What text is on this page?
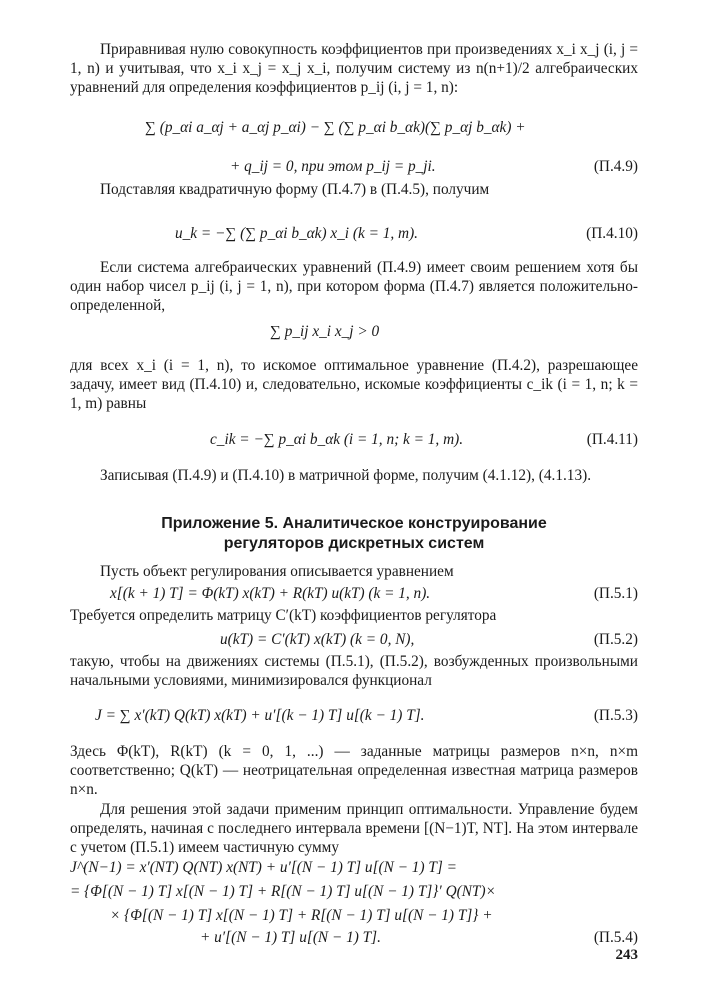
Приравнивая нулю совокупность коэффициентов при произведениях x_i x_j (i, j = 1, n) и учитывая, что x_i x_j = x_j x_i, получим систему из n(n+1)/2 алгебраических уравнений для определения коэффициентов p_ij (i, j = 1, n):
∑ (p_αi a_αj + a_αj p_αi) − ∑ (∑ p_αi b_αk)(∑ p_αj b_αk) +
+ q_ij = 0, при этом p_ij = p_ji.	(П.4.9)
Подставляя квадратичную форму (П.4.7) в (П.4.5), получим
u_k = −∑ (∑ p_αi b_αk) x_i (k = 1, m).	(П.4.10)
Если система алгебраических уравнений (П.4.9) имеет своим решением хотя бы один набор чисел p_ij (i, j = 1, n), при котором форма (П.4.7) является положительно-определенной,
∑ p_ij x_i x_j > 0
для всех x_i (i = 1, n), то искомое оптимальное уравнение (П.4.2), разрешающее задачу, имеет вид (П.4.10) и, следовательно, искомые коэффициенты c_ik (i = 1, n; k = 1, m) равны
c_ik = −∑ p_αi b_αk (i = 1, n; k = 1, m).	(П.4.11)
Записывая (П.4.9) и (П.4.10) в матричной форме, получим (4.1.12), (4.1.13).
Приложение 5. Аналитическое конструирование
регуляторов дискретных систем
Пусть объект регулирования описывается уравнением
x[(k + 1) T] = Φ(kT) x(kT) + R(kT) u(kT) (k = 1, n).	(П.5.1)
Требуется определить матрицу C′(kT) коэффициентов регулятора
u(kT) = C′(kT) x(kT) (k = 0, N),	(П.5.2)
такую, чтобы на движениях системы (П.5.1), (П.5.2), возбужденных произвольными начальными условиями, минимизировался функционал
J = ∑ x′(kT) Q(kT) x(kT) + u′[(k − 1) T] u[(k − 1) T].	(П.5.3)
Здесь Φ(kT), R(kT) (k = 0, 1, ...) — заданные матрицы размеров n×n, n×m соответственно; Q(kT) — неотрицательная определенная известная матрица размеров n×n.
Для решения этой задачи применим принцип оптимальности. Управление будем определять, начиная с последнего интервала времени [(N−1)T, NT]. На этом интервале с учетом (П.5.1) имеем частичную сумму
J^(N−1) = x′(NT) Q(NT) x(NT) + u′[(N − 1) T] u[(N − 1) T] =
= {Φ[(N − 1) T] x[(N − 1) T] + R[(N − 1) T] u[(N − 1) T]}′ Q(NT)×
× {Φ[(N − 1) T] x[(N − 1) T] + R[(N − 1) T] u[(N − 1) T]} +
+ u′[(N − 1) T] u[(N − 1) T].	(П.5.4)
243
